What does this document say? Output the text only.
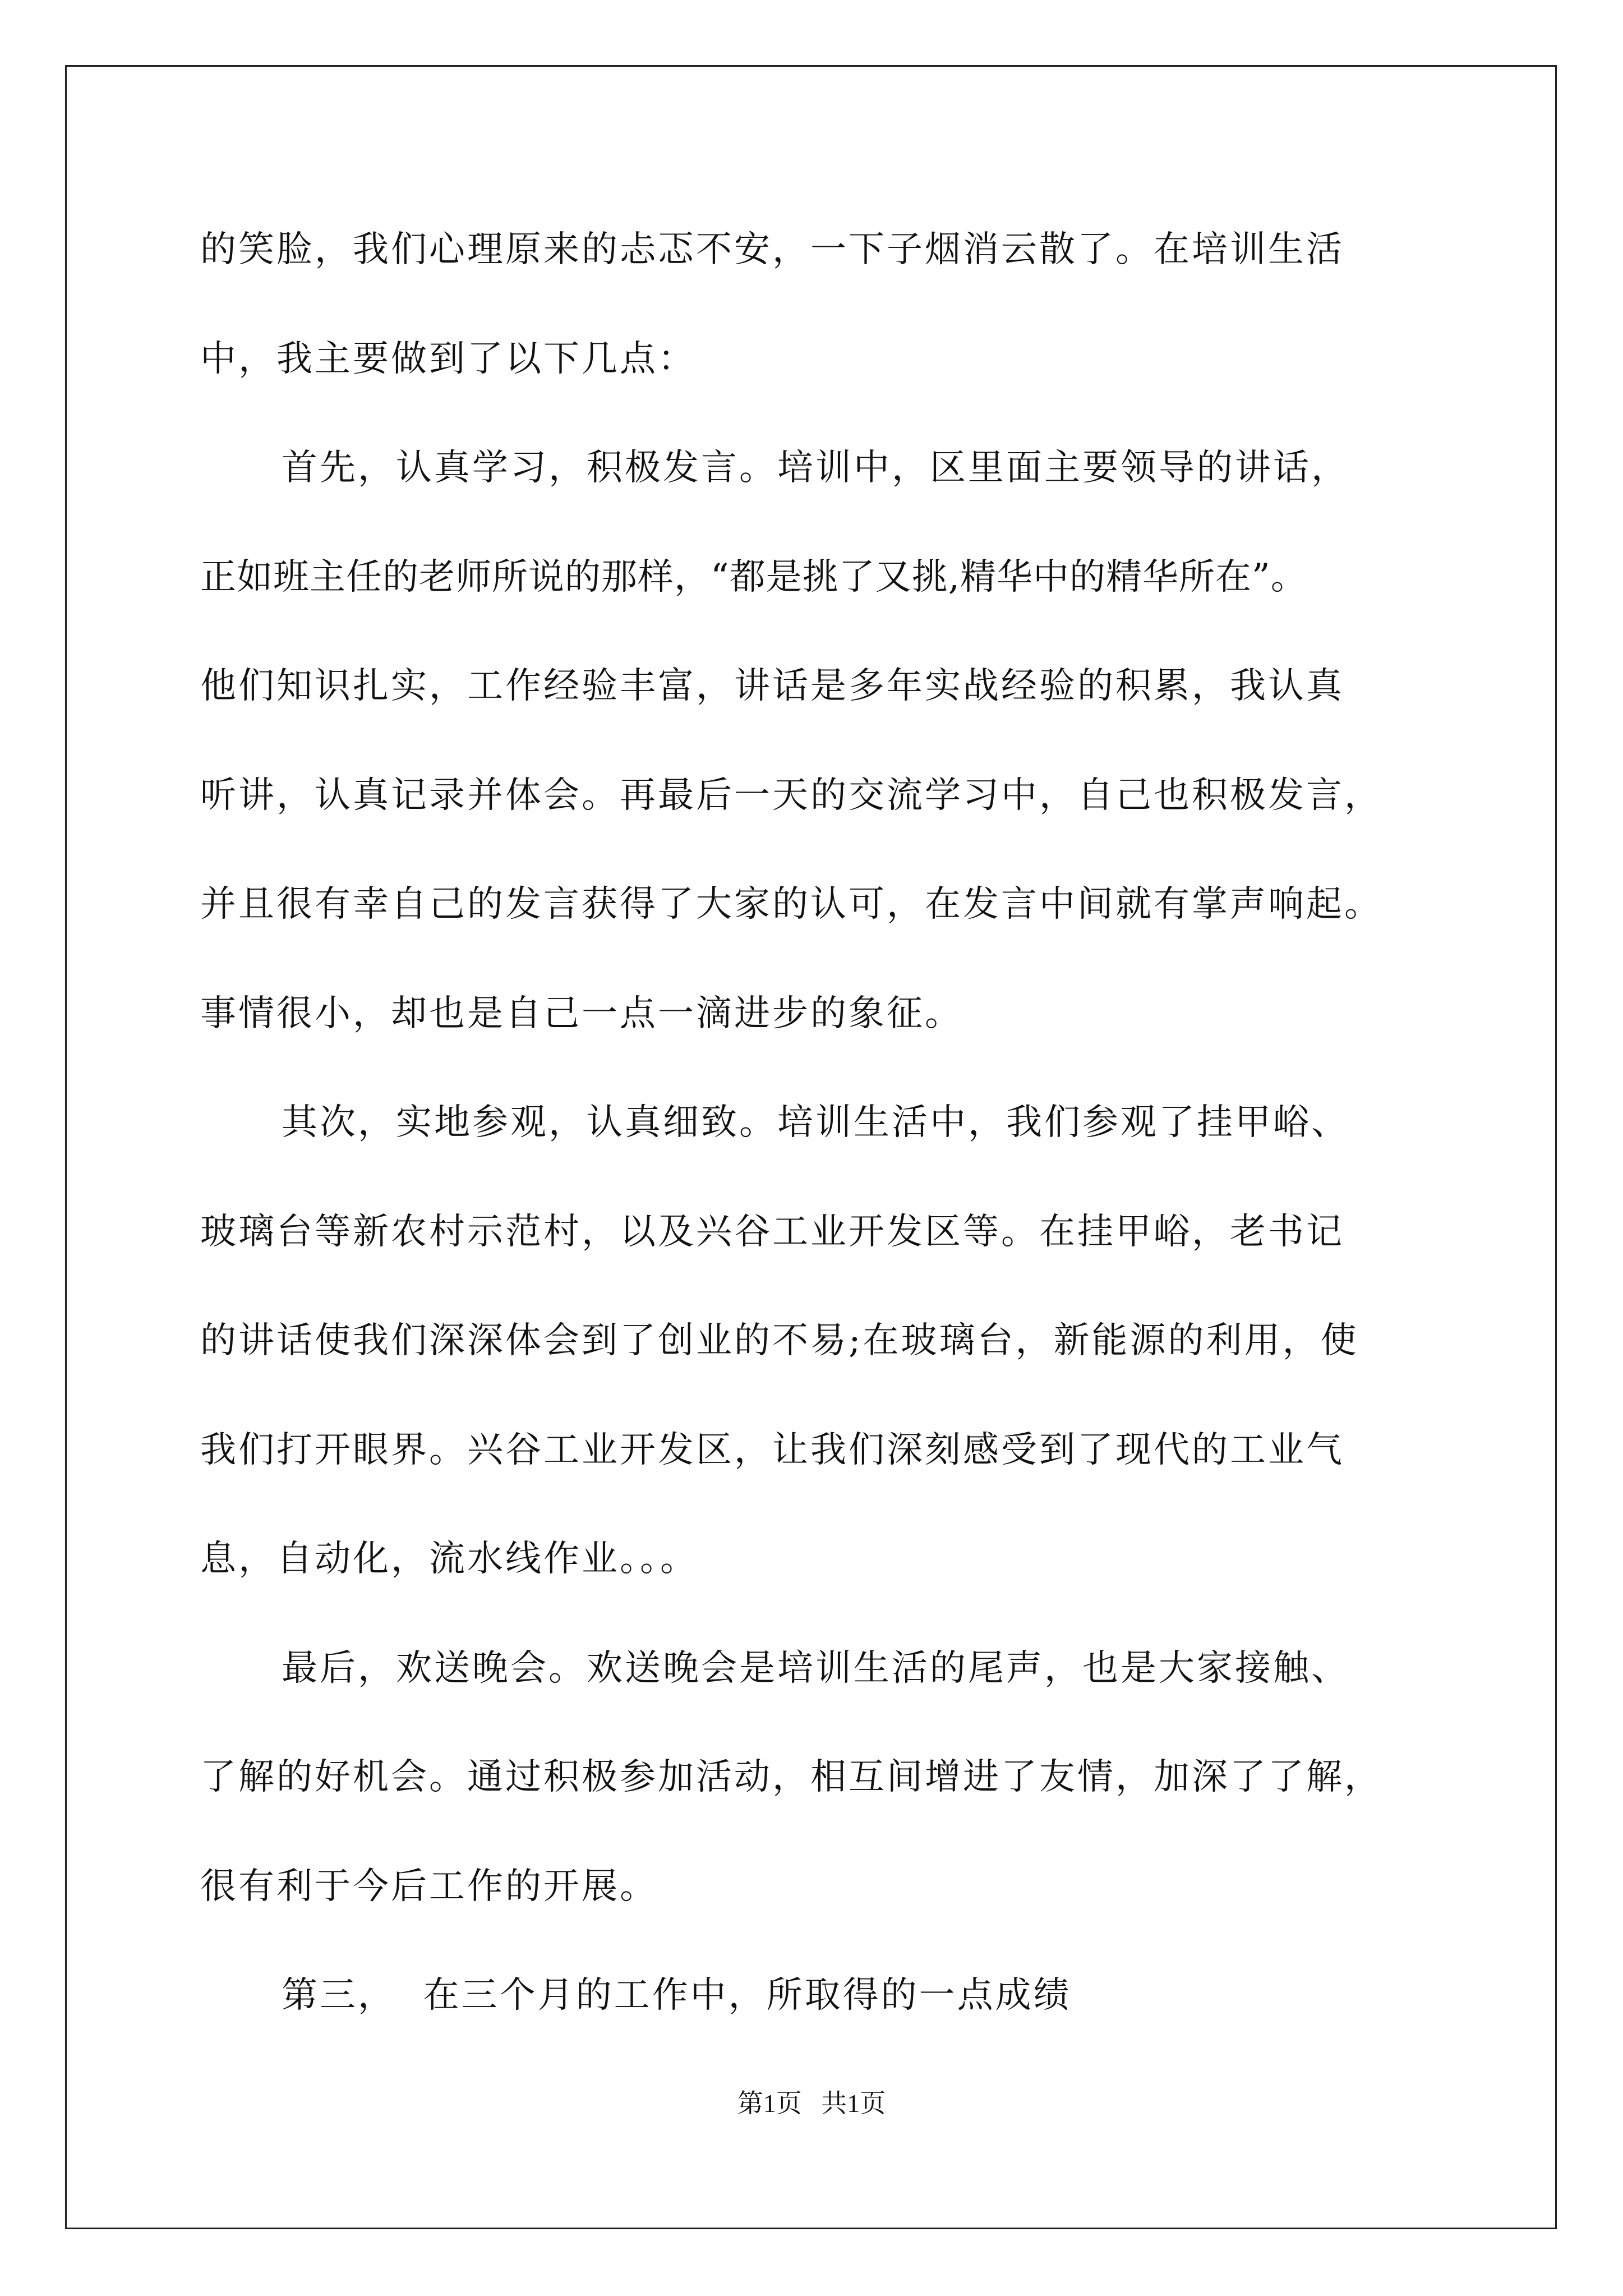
的笑脸，我们心理原来的忐忑不安，一下子烟消云散了。在培训生活
中，我主要做到了以下几点：
首先，认真学习，积极发言。培训中，区里面主要领导的讲话，
正如班主任的老师所说的那样，“都是挑了又挑,精华中的精华所在”。
他们知识扎实，工作经验丰富，讲话是多年实战经验的积累，我认真
听讲，认真记录并体会。再最后一天的交流学习中，自己也积极发言，
并且很有幸自己的发言获得了大家的认可，在发言中间就有掌声响起。
事情很小，却也是自己一点一滴进步的象征。
其次，实地参观，认真细致。培训生活中，我们参观了挂甲峪、
玻璃台等新农村示范村，以及兴谷工业开发区等。在挂甲峪，老书记
的讲话使我们深深体会到了创业的不易;在玻璃台，新能源的利用，使
我们打开眼界。兴谷工业开发区，让我们深刻感受到了现代的工业气
息，自动化，流水线作业。。。
最后，欢送晚会。欢送晚会是培训生活的尾声，也是大家接触、
了解的好机会。通过积极参加活动，相互间增进了友情，加深了了解，
很有利于今后工作的开展。
第三，  在三个月的工作中，所取得的一点成绩
第1页   共1页
